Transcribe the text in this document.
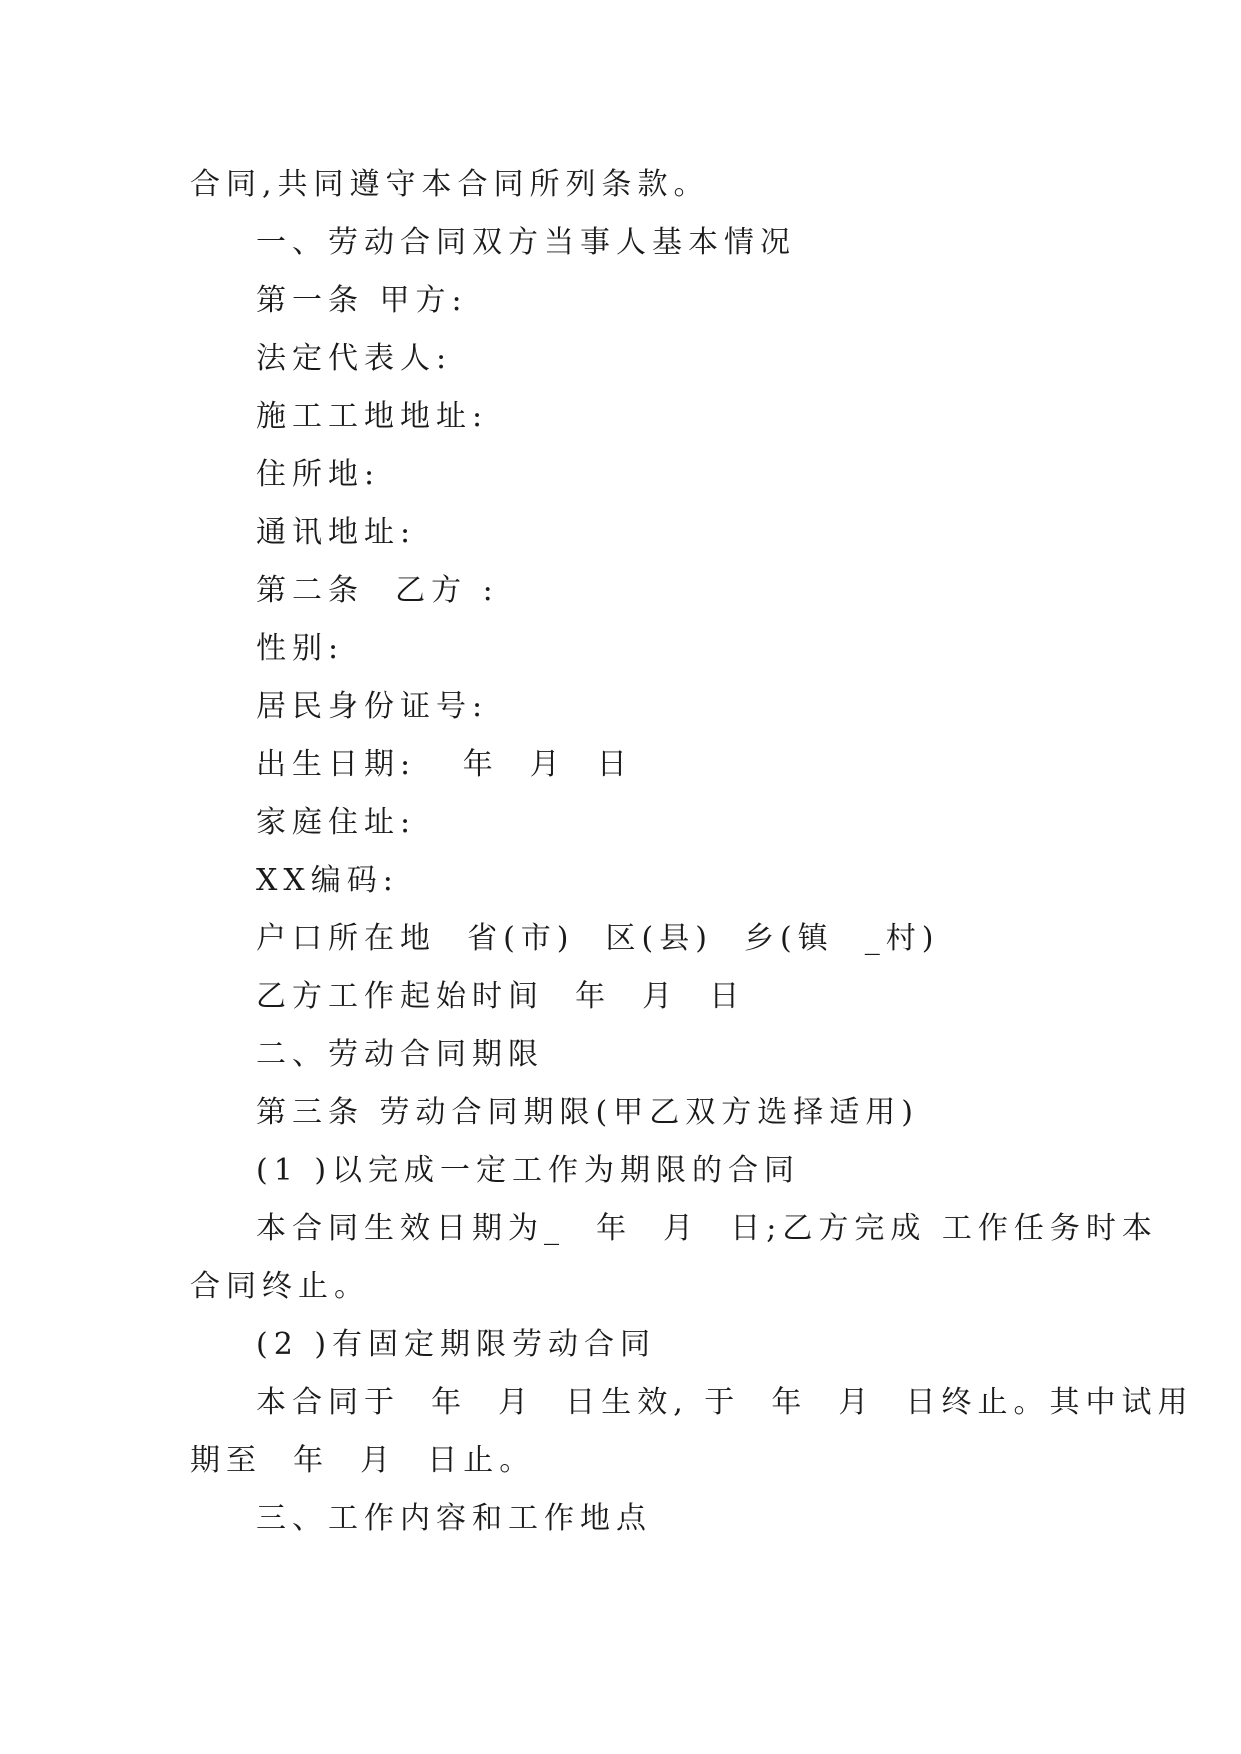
合同,共同遵守本合同所列条款。
一、劳动合同双方当事人基本情况
第一条 甲方:
法定代表人:
施工工地地址:
住所地:
通讯地址:
第二条  乙方 :
性别:
居民身份证号:
出生日期:   年  月  日
家庭住址:
XX编码:
户口所在地  省(市)  区(县)  乡(镇  _村)
乙方工作起始时间  年  月  日
二、劳动合同期限
第三条 劳动合同期限(甲乙双方选择适用)
(1 )以完成一定工作为期限的合同
本合同生效日期为_  年  月  日;乙方完成 工作任务时本
合同终止。
(2 )有固定期限劳动合同
本合同于  年  月  日生效, 于  年  月  日终止。其中试用
期至  年  月  日止。
三、工作内容和工作地点
